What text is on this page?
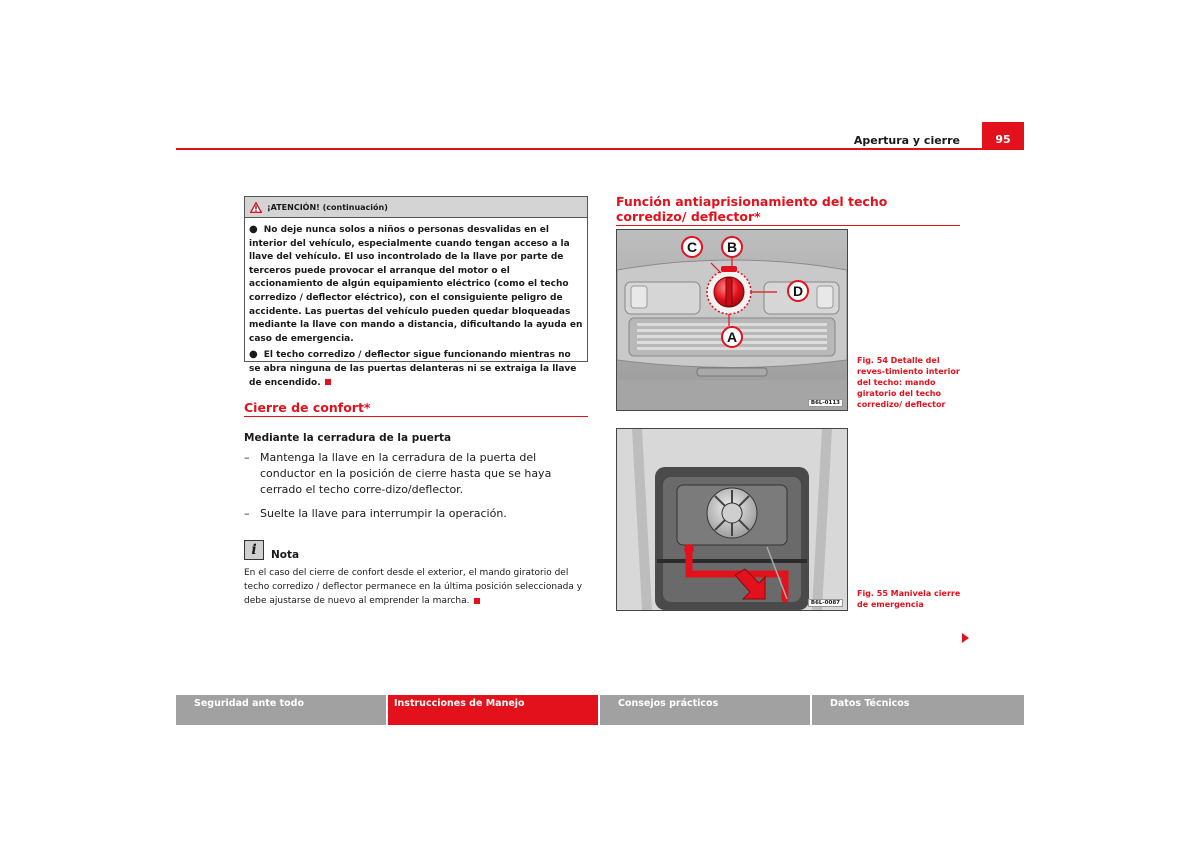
Apertura y cierre	95
¡ATENCIÓN! (continuación)

● No deje nunca solos a niños o personas desvalidas en el interior del vehículo, especialmente cuando tengan acceso a la llave del vehículo. El uso incontrolado de la llave por parte de terceros puede provocar el arranque del motor o el accionamiento de algún equipamiento eléctrico (como el techo corredizo / deflector eléctrico), con el consiguiente peligro de accidente. Las puertas del vehículo pueden quedar bloqueadas mediante la llave con mando a distancia, dificultando la ayuda en caso de emergencia.

● El techo corredizo / deflector sigue funcionando mientras no se abra ninguna de las puertas delanteras ni se extraiga la llave de encendido.

Cierre de confort*
Mediante la cerradura de la puerta
– Mantenga la llave en la cerradura de la puerta del conductor en la posición de cierre hasta que se haya cerrado el techo corre-dizo/deflector.
– Suelte la llave para interrumpir la operación.
i	Nota
En el caso del cierre de confort desde el exterior, el mando giratorio del techo corredizo / deflector permanece en la última posición seleccionada y debe ajustarse de nuevo al emprender la marcha.
Función antiaprisionamiento del techo corredizo/ deflector*
C B
D
A
B6L-0113
Fig. 54 Detalle del reves-timiento interior del techo: mando giratorio del techo corredizo/ deflector
B6L-0087
Fig. 55 Manivela cierre de emergencia
Seguridad ante todo	Instrucciones de Manejo	Consejos prácticos	Datos Técnicos
